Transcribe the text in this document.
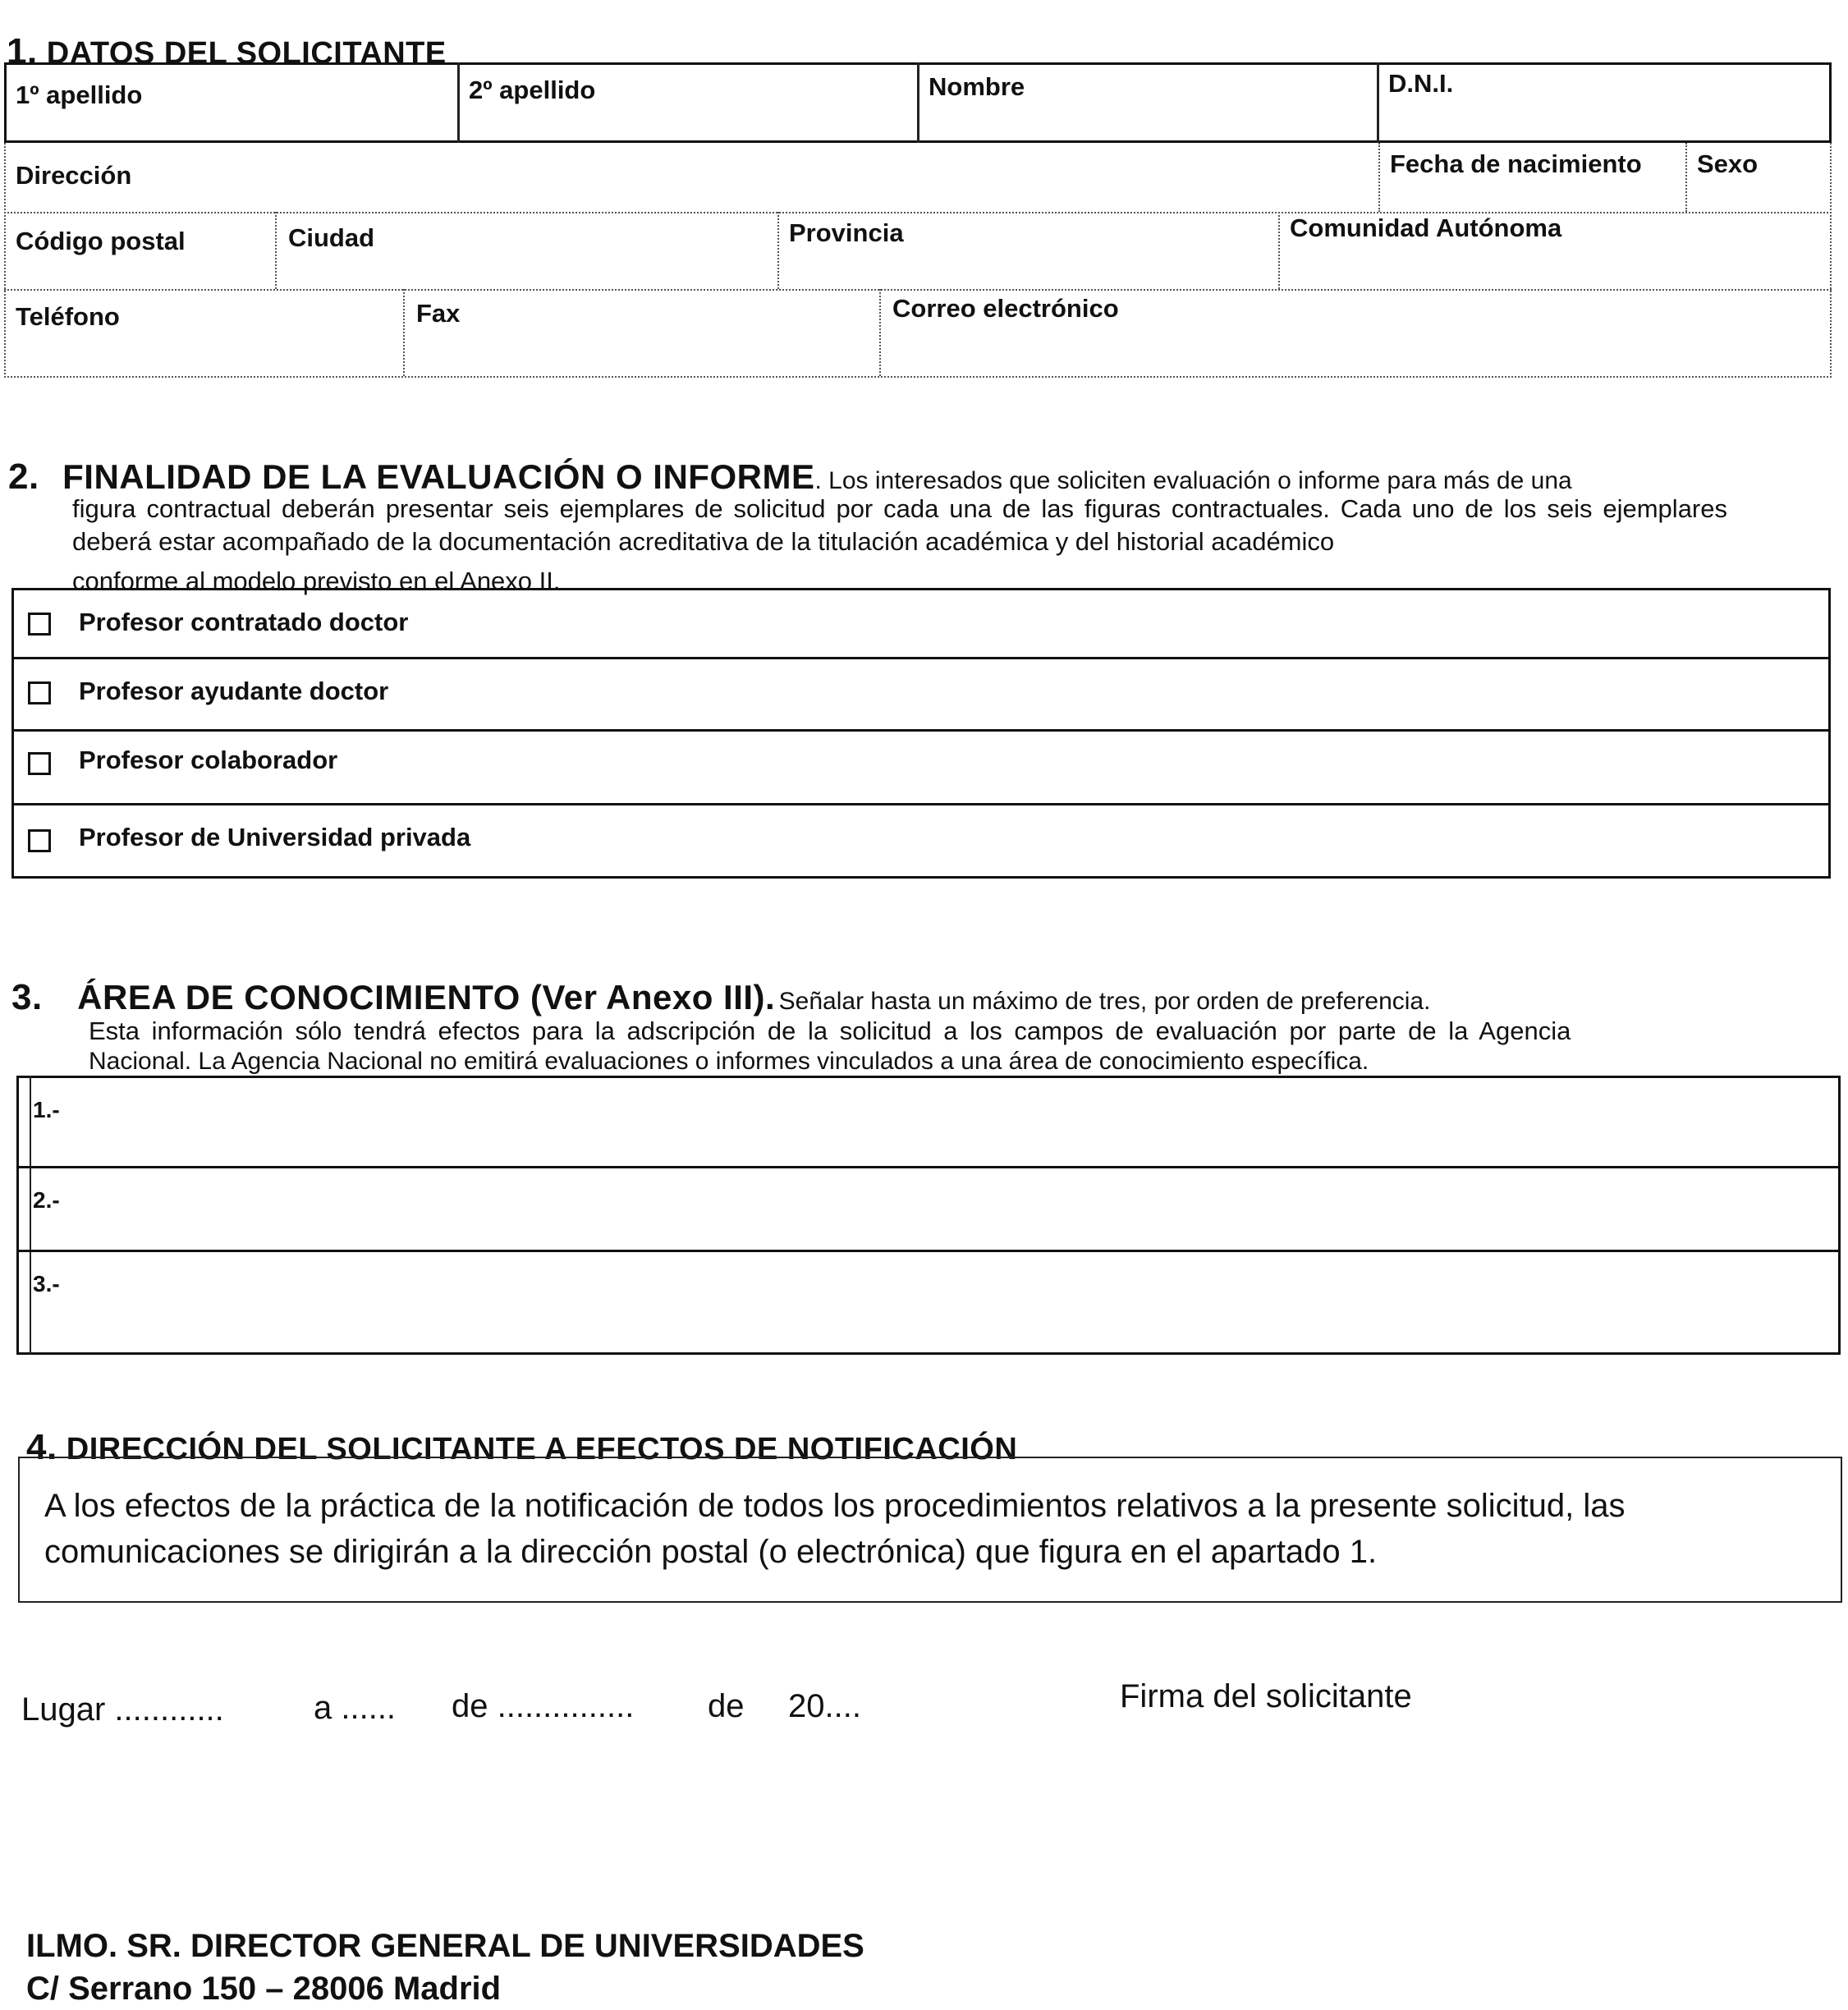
1. DATOS DEL SOLICITANTE
1º apellido	2º apellido	Nombre	D.N.I.
Dirección	Fecha de nacimiento Sexo
Código postal	Ciudad	Provincia	Comunidad Autónoma
Teléfono	Fax	Correo electrónico
2. FINALIDAD DE LA EVALUACIÓN O INFORME. Los interesados que soliciten evaluación o informe para más de una
figura contractual deberán presentar seis ejemplares de solicitud por cada una de las figuras contractuales. Cada uno de los seis ejemplares deberá estar acompañado de la documentación acreditativa de la titulación académica y del historial académico
conforme al modelo previsto en el Anexo II.
Profesor contratado doctor
Profesor ayudante doctor
Profesor colaborador
Profesor de Universidad privada
3. ÁREA DE CONOCIMIENTO (Ver Anexo III). Señalar hasta un máximo de tres, por orden de preferencia.
Esta información sólo tendrá efectos para la adscripción de la solicitud a los campos de evaluación por parte de la Agencia
Nacional. La Agencia Nacional no emitirá evaluaciones o informes vinculados a una área de conocimiento específica.
1.-
2.-
3.-
4. DIRECCIÓN DEL SOLICITANTE A EFECTOS DE NOTIFICACIÓN
A los efectos de la práctica de la notificación de todos los procedimientos relativos a la presente solicitud, las
comunicaciones se dirigirán a la dirección postal (o electrónica) que figura en el apartado 1.
Lugar ............	a ...... de ............... de 20....	Firma del solicitante
ILMO. SR. DIRECTOR GENERAL DE UNIVERSIDADES
C/ Serrano 150 – 28006 Madrid
